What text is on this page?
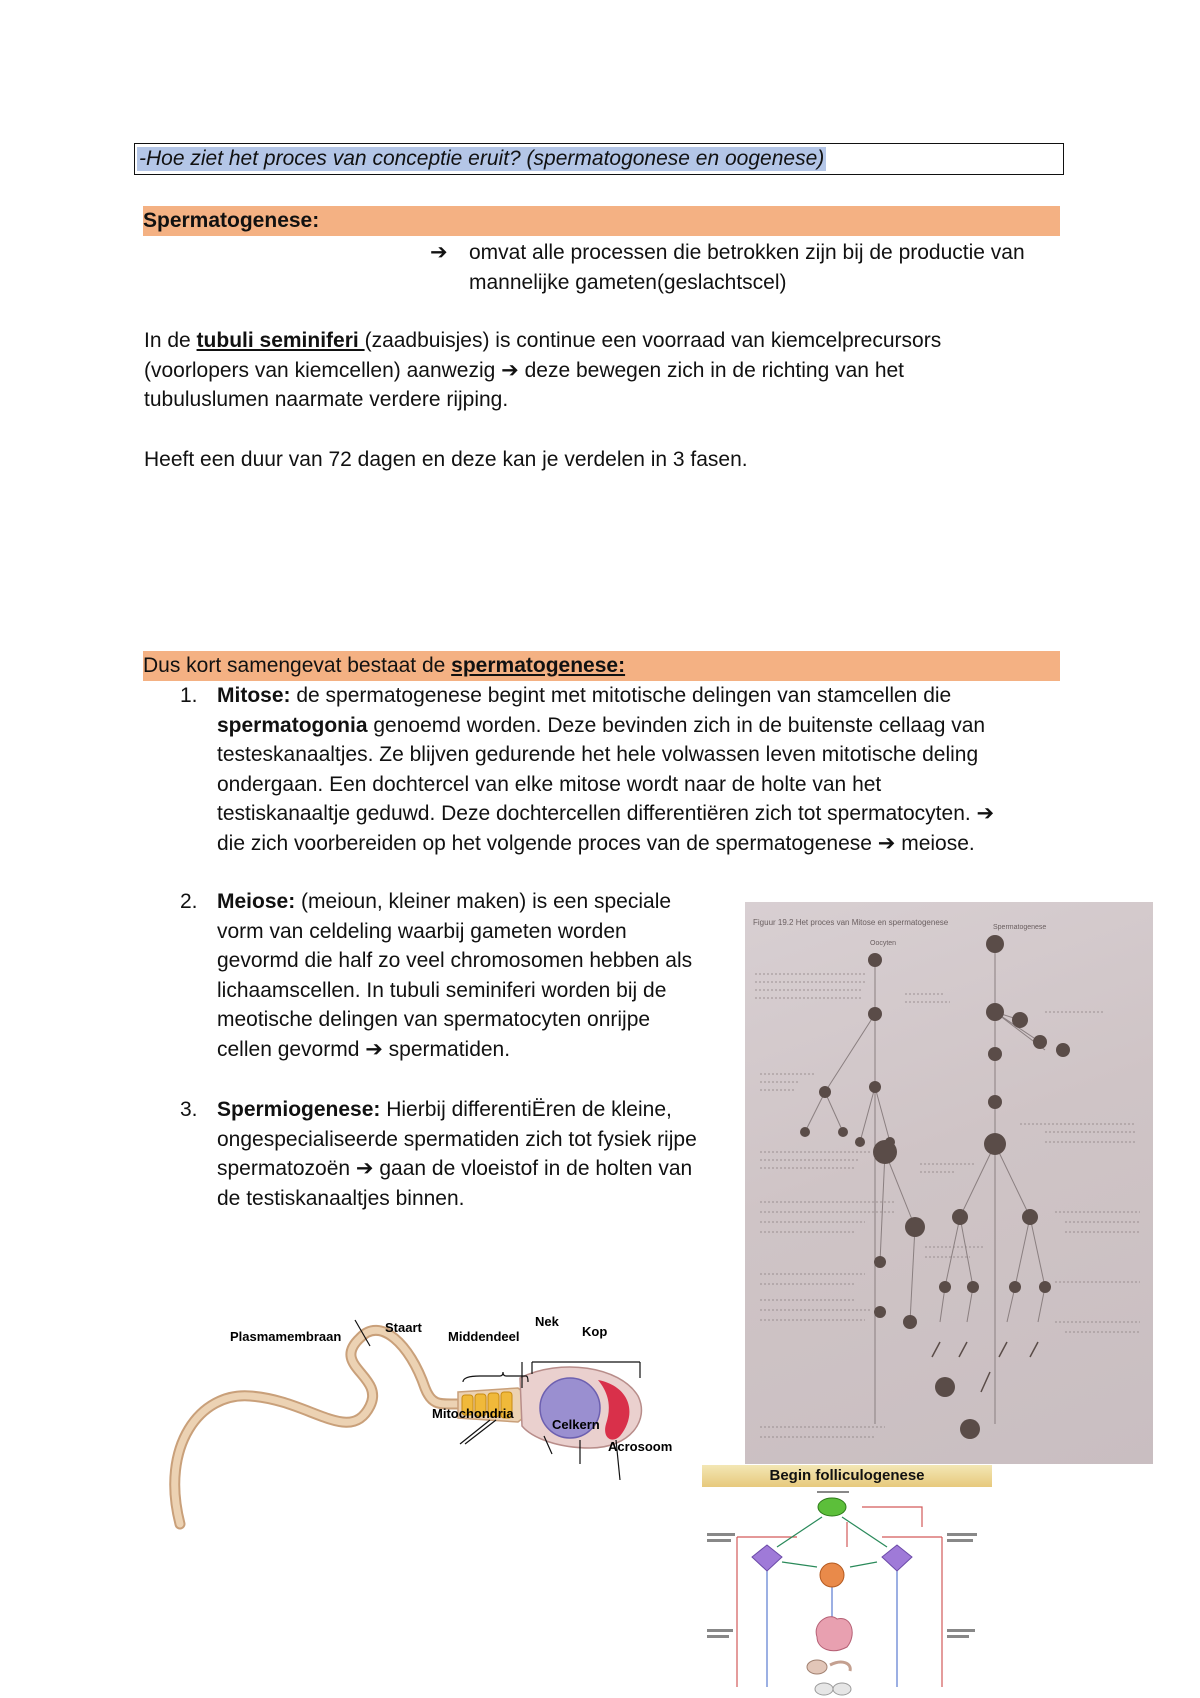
-Hoe ziet het proces van conceptie eruit? (spermatogonese en oogenese)
Spermatogenese:
➔ omvat alle processen die betrokken zijn bij de productie van
mannelijke gameten(geslachtscel)
In de tubuli seminiferi (zaadbuisjes) is continue een voorraad van kiemcelprecursors
(voorlopers van kiemcellen) aanwezig ➔ deze bewegen zich in de richting van het
tubuluslumen naarmate verdere rijping.
Heeft een duur van 72 dagen en deze kan je verdelen in 3 fasen.
Dus kort samengevat bestaat de spermatogenese:
1. Mitose: de spermatogenese begint met mitotische delingen van stamcellen die
spermatogonia genoemd worden. Deze bevinden zich in de buitenste cellaag van
testeskanaaltjes. Ze blijven gedurende het hele volwassen leven mitotische deling
ondergaan. Een dochtercel van elke mitose wordt naar de holte van het
testiskanaaltje geduwd. Deze dochtercellen differentiëren zich tot spermatocyten. ➔
die zich voorbereiden op het volgende proces van de spermatogenese ➔ meiose.
2. Meiose: (meioun, kleiner maken) is een speciale
vorm van celdeling waarbij gameten worden
gevormd die half zo veel chromosomen hebben als
lichaamscellen. In tubuli seminiferi worden bij de
meotische delingen van spermatocyten onrijpe
cellen gevormd ➔ spermatiden.
3. Spermiogenese: Hierbij differentiËren de kleine,
ongespecialiseerde spermatiden zich tot fysiek rijpe
spermatozoën ➔ gaan de vloeistof in de holten van
de testiskanaaltjes binnen.
Figuur 19.2 Het proces van Mitose en spermatogenese
Oocyten
Spermatogenese
Plasmamembraan
Staart
Middendeel
Nek
Kop
Mitochondria
Celkern
Acrosoom
Begin folliculogenese
